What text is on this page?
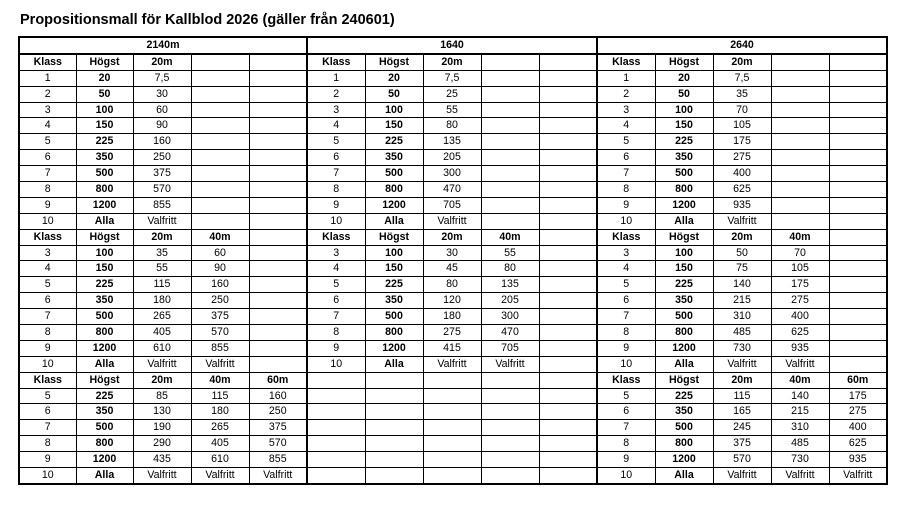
Propositionsmall för Kallblod 2026 (gäller från 240601)
2140m					1640					2640				
Klass	Högst	20m			Klass	Högst	20m			Klass	Högst	20m		
1	20	7,5			1	20	7,5			1	20	7,5		
2	50	30			2	50	25			2	50	35		
3	100	60			3	100	55			3	100	70		
4	150	90			4	150	80			4	150	105		
5	225	160			5	225	135			5	225	175		
6	350	250			6	350	205			6	350	275		
7	500	375			7	500	300			7	500	400		
8	800	570			8	800	470			8	800	625		
9	1200	855			9	1200	705			9	1200	935		
10	Alla	Valfritt			10	Alla	Valfritt			10	Alla	Valfritt		
Klass	Högst	20m	40m		Klass	Högst	20m	40m		Klass	Högst	20m	40m	
3	100	35	60		3	100	30	55		3	100	50	70	
4	150	55	90		4	150	45	80		4	150	75	105	
5	225	115	160		5	225	80	135		5	225	140	175	
6	350	180	250		6	350	120	205		6	350	215	275	
7	500	265	375		7	500	180	300		7	500	310	400	
8	800	405	570		8	800	275	470		8	800	485	625	
9	1200	610	855		9	1200	415	705		9	1200	730	935	
10	Alla	Valfritt	Valfritt		10	Alla	Valfritt	Valfritt		10	Alla	Valfritt	Valfritt	
Klass	Högst	20m	40m	60m						Klass	Högst	20m	40m	60m
5	225	85	115	160						5	225	115	140	175
6	350	130	180	250						6	350	165	215	275
7	500	190	265	375						7	500	245	310	400
8	800	290	405	570						8	800	375	485	625
9	1200	435	610	855						9	1200	570	730	935
10	Alla	Valfritt	Valfritt	Valfritt						10	Alla	Valfritt	Valfritt	Valfritt
